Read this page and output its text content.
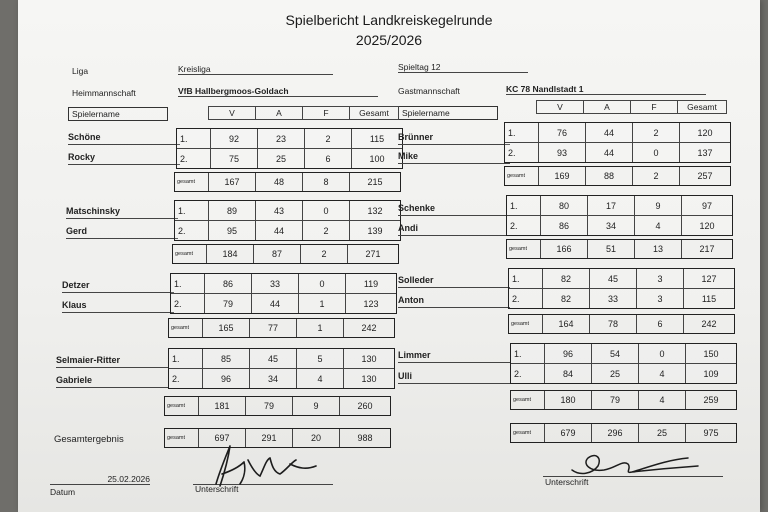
Spielbericht Landkreiskegelrunde
2025/2026
Liga	Kreisliga	Spieltag 12
Heimmannschaft	VfB Hallbergmoos-Goldach	Gastmannschaft	KC 78 Nandlstadt 1
Spielername	Spielername
V	A	F	Gesamt
V	A	F	Gesamt
Schöne
Rocky
1.	92	23	2	115
2.	75	25	6	100
gesamt	167	48	8	215
Matschinsky
Gerd
1.	89	43	0	132
2.	95	44	2	139
gesamt	184	87	2	271
Detzer
Klaus
1.	86	33	0	119
2.	79	44	1	123
gesamt	165	77	1	242
Selmaier-Ritter
Gabriele
1.	85	45	5	130
2.	96	34	4	130
gesamt	181	79	9	260
Brünner
Mike
1.	76	44	2	120
2.	93	44	0	137
gesamt	169	88	2	257
Schenke
Andi
1.	80	17	9	97
2.	86	34	4	120
gesamt	166	51	13	217
Solleder
Anton
1.	82	45	3	127
2.	82	33	3	115
gesamt	164	78	6	242
Limmer
Ulli
1.	96	54	0	150
2.	84	25	4	109
gesamt	180	79	4	259
Gesamtergebnis	gesamt	697	291	20	988	gesamt	679	296	25	975
25.02.2026
Datum	Unterschrift
Unterschrift
